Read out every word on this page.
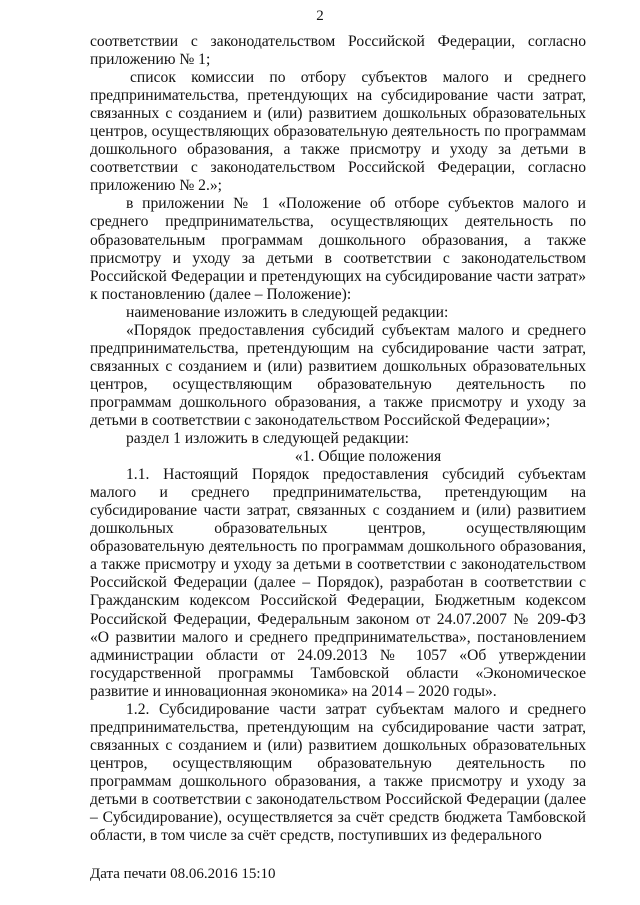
2

соответствии с законодательством Российской Федерации, согласно приложению № 1;

список комиссии по отбору субъектов малого и среднего предпринимательства, претендующих на субсидирование части затрат, связанных с созданием и (или) развитием дошкольных образовательных центров, осуществляющих образовательную деятельность по программам дошкольного образования, а также присмотру и уходу за детьми в соответствии с законодательством Российской Федерации, согласно приложению № 2.»;

в приложении № 1 «Положение об отборе субъектов малого и среднего предпринимательства, осуществляющих деятельность по образовательным программам дошкольного образования, а также присмотру и уходу за детьми в соответствии с законодательством Российской Федерации и претендующих на субсидирование части затрат» к постановлению (далее – Положение):

наименование изложить в следующей редакции:

«Порядок предоставления субсидий субъектам малого и среднего предпринимательства, претендующим на субсидирование части затрат, связанных с созданием и (или) развитием дошкольных образовательных центров, осуществляющим образовательную деятельность по программам дошкольного образования, а также присмотру и уходу за детьми в соответствии с законодательством Российской Федерации»;

раздел 1 изложить в следующей редакции:

«1. Общие положения

1.1. Настоящий Порядок предоставления субсидий субъектам малого и среднего предпринимательства, претендующим на субсидирование части затрат, связанных с созданием и (или) развитием дошкольных образовательных центров, осуществляющим образовательную деятельность по программам дошкольного образования, а также присмотру и уходу за детьми в соответствии с законодательством Российской Федерации (далее – Порядок), разработан в соответствии с Гражданским кодексом Российской Федерации, Бюджетным кодексом Российской Федерации, Федеральным законом от 24.07.2007 № 209-ФЗ «О развитии малого и среднего предпринимательства», постановлением администрации области от 24.09.2013 № 1057 «Об утверждении государственной программы Тамбовской области «Экономическое развитие и инновационная экономика» на 2014 – 2020 годы».

1.2. Субсидирование части затрат субъектам малого и среднего предпринимательства, претендующим на субсидирование части затрат, связанных с созданием и (или) развитием дошкольных образовательных центров, осуществляющим образовательную деятельность по программам дошкольного образования, а также присмотру и уходу за детьми в соответствии с законодательством Российской Федерации (далее – Субсидирование), осуществляется за счёт средств бюджета Тамбовской области, в том числе за счёт средств, поступивших из федерального

Дата печати 08.06.2016 15:10
